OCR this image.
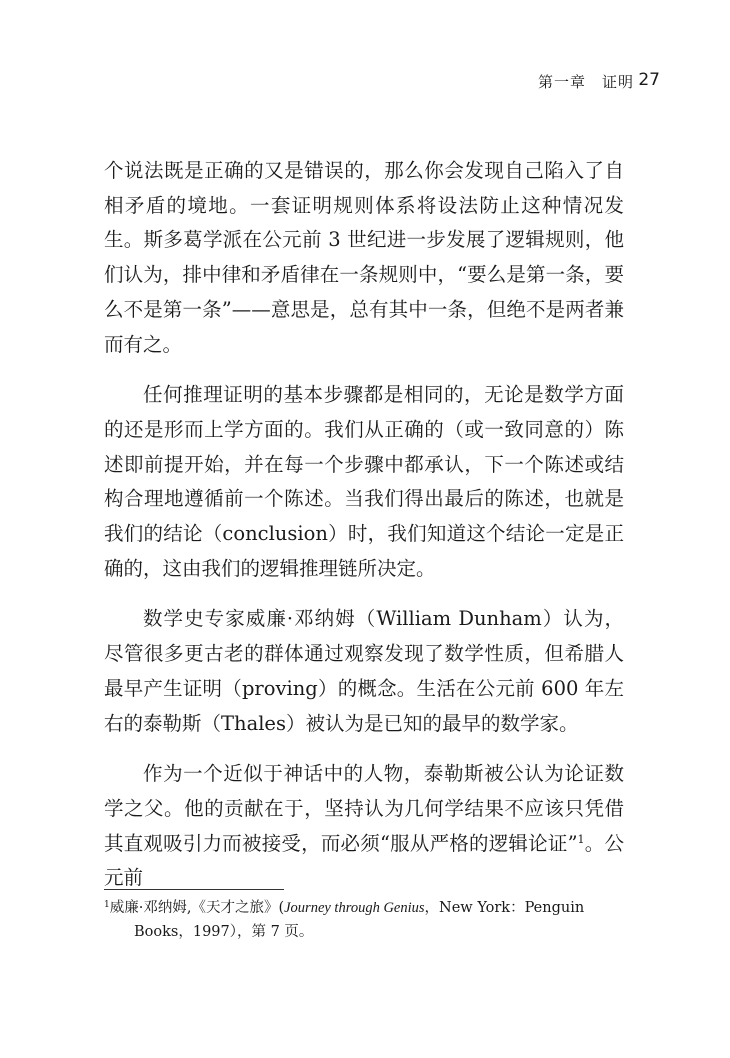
第一章　证明 27

个说法既是正确的又是错误的，那么你会发现自己陷入了自相矛盾的境地。一套证明规则体系将设法防止这种情况发生。斯多葛学派在公元前 3 世纪进一步发展了逻辑规则，他们认为，排中律和矛盾律在一条规则中，“要么是第一条，要么不是第一条”——意思是，总有其中一条，但绝不是两者兼而有之。

任何推理证明的基本步骤都是相同的，无论是数学方面的还是形而上学方面的。我们从正确的（或一致同意的）陈述即前提开始，并在每一个步骤中都承认，下一个陈述或结构合理地遵循前一个陈述。当我们得出最后的陈述，也就是我们的结论（conclusion）时，我们知道这个结论一定是正确的，这由我们的逻辑推理链所决定。

数学史专家威廉·邓纳姆（William Dunham）认为，尽管很多更古老的群体通过观察发现了数学性质，但希腊人最早产生证明（proving）的概念。生活在公元前 600 年左右的泰勒斯（Thales）被认为是已知的最早的数学家。

作为一个近似于神话中的人物，泰勒斯被公认为论证数学之父。他的贡献在于，坚持认为几何学结果不应该只凭借其直观吸引力而被接受，而必须“服从严格的逻辑论证”$^1$。公元前

$^1$威廉·邓纳姆,《天才之旅》(Journey through Genius，New York：Penguin
Books，1997），第 7 页。
